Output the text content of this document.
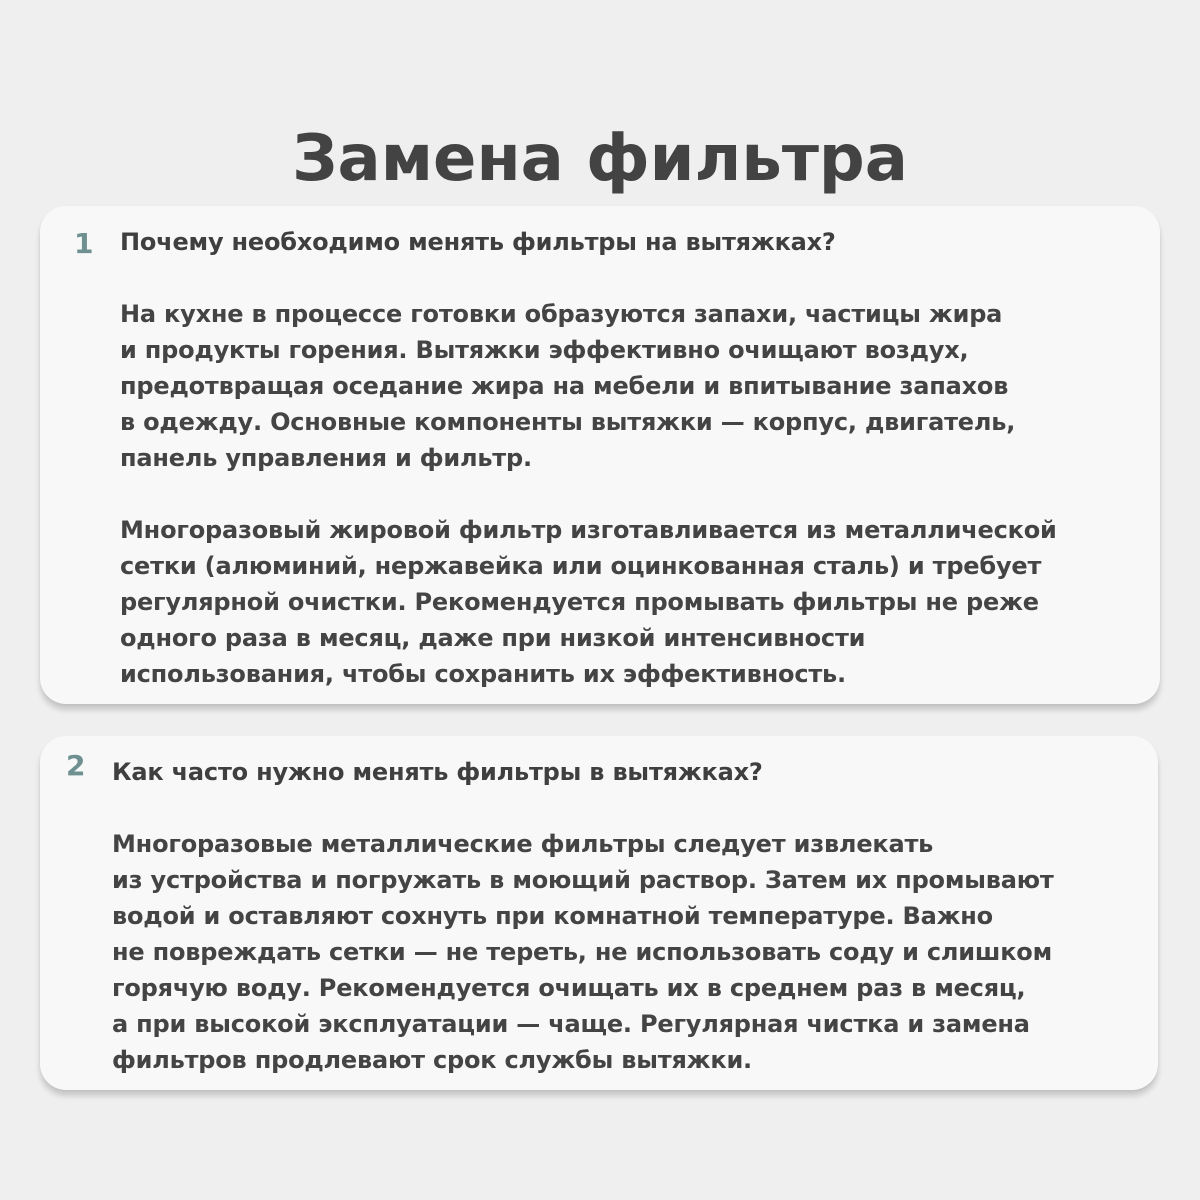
Замена фильтра
1 Почему необходимо менять фильтры на вытяжках?

На кухне в процессе готовки образуются запахи, частицы жира
и продукты горения. Вытяжки эффективно очищают воздух,
предотвращая оседание жира на мебели и впитывание запахов
в одежду. Основные компоненты вытяжки — корпус, двигатель,
панель управления и фильтр.

Многоразовый жировой фильтр изготавливается из металлической
сетки (алюминий, нержавейка или оцинкованная сталь) и требует
регулярной очистки. Рекомендуется промывать фильтры не реже
одного раза в месяц, даже при низкой интенсивности
использования, чтобы сохранить их эффективность.

2 Как часто нужно менять фильтры в вытяжках?

Многоразовые металлические фильтры следует извлекать
из устройства и погружать в моющий раствор. Затем их промывают
водой и оставляют сохнуть при комнатной температуре. Важно
не повреждать сетки — не тереть, не использовать соду и слишком
горячую воду. Рекомендуется очищать их в среднем раз в месяц,
а при высокой эксплуатации — чаще. Регулярная чистка и замена
фильтров продлевают срок службы вытяжки.
